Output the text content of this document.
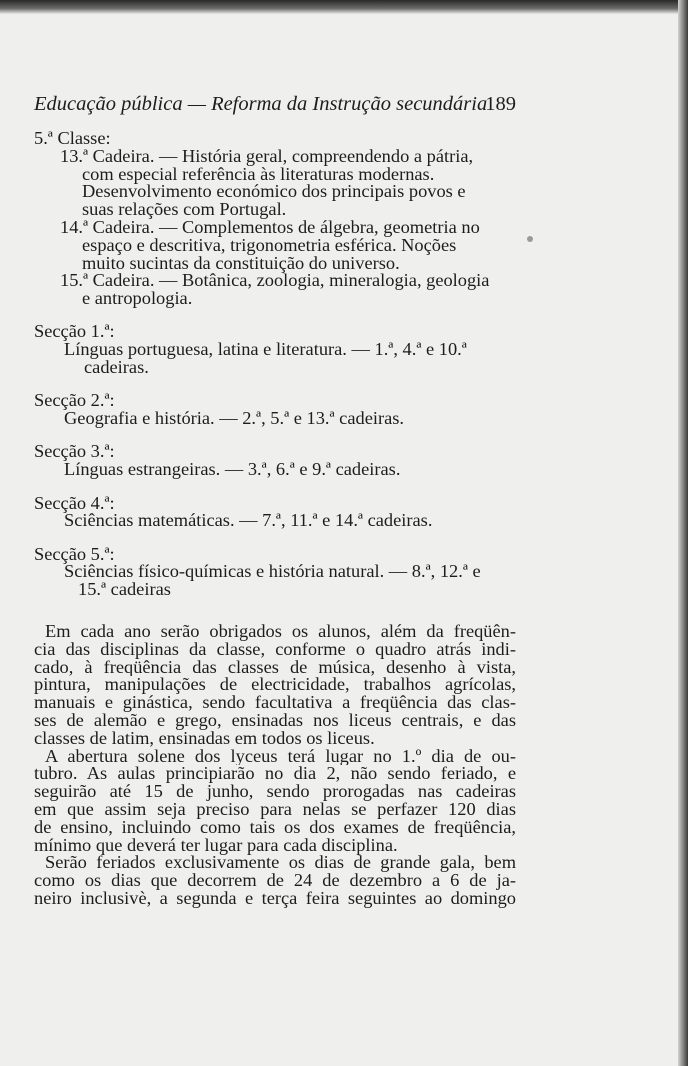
Educação pública — Reforma da Instrução secundária
189
5.ª Classe:
13.ª Cadeira. — História geral, compreendendo a pátria,
com especial referência às literaturas modernas.
Desenvolvimento económico dos principais povos e
suas relações com Portugal.
14.ª Cadeira. — Complementos de álgebra, geometria no
espaço e descritiva, trigonometria esférica. Noções
muito sucintas da constituição do universo.
15.ª Cadeira. — Botânica, zoologia, mineralogia, geologia
e antropologia.
Secção 1.ª:
Línguas portuguesa, latina e literatura. — 1.ª, 4.ª e 10.ª
cadeiras.
Secção 2.ª:
Geografia e história. — 2.ª, 5.ª e 13.ª cadeiras.
Secção 3.ª:
Línguas estrangeiras. — 3.ª, 6.ª e 9.ª cadeiras.
Secção 4.ª:
Sciências matemáticas. — 7.ª, 11.ª e 14.ª cadeiras.
Secção 5.ª:
Sciências físico-químicas e história natural. — 8.ª, 12.ª e
15.ª cadeiras
Em cada ano serão obrigados os alunos, além da freqüên-
cia das disciplinas da classe, conforme o quadro atrás indi-
cado, à freqüência das classes de música, desenho à vista,
pintura, manipulações de electricidade, trabalhos agrícolas,
manuais e ginástica, sendo facultativa a freqüência das clas-
ses de alemão e grego, ensinadas nos liceus centrais, e das
classes de latim, ensinadas em todos os liceus.
A abertura solene dos lyceus terá lugar no 1.º dia de ou-
tubro. As aulas principiarão no dia 2, não sendo feriado, e
seguirão até 15 de junho, sendo prorogadas nas cadeiras
em que assim seja preciso para nelas se perfazer 120 dias
de ensino, incluindo como tais os dos exames de freqüência,
mínimo que deverá ter lugar para cada disciplina.
Serão feriados exclusivamente os dias de grande gala, bem
como os dias que decorrem de 24 de dezembro a 6 de ja-
neiro inclusivè, a segunda e terça feira seguintes ao domingo
